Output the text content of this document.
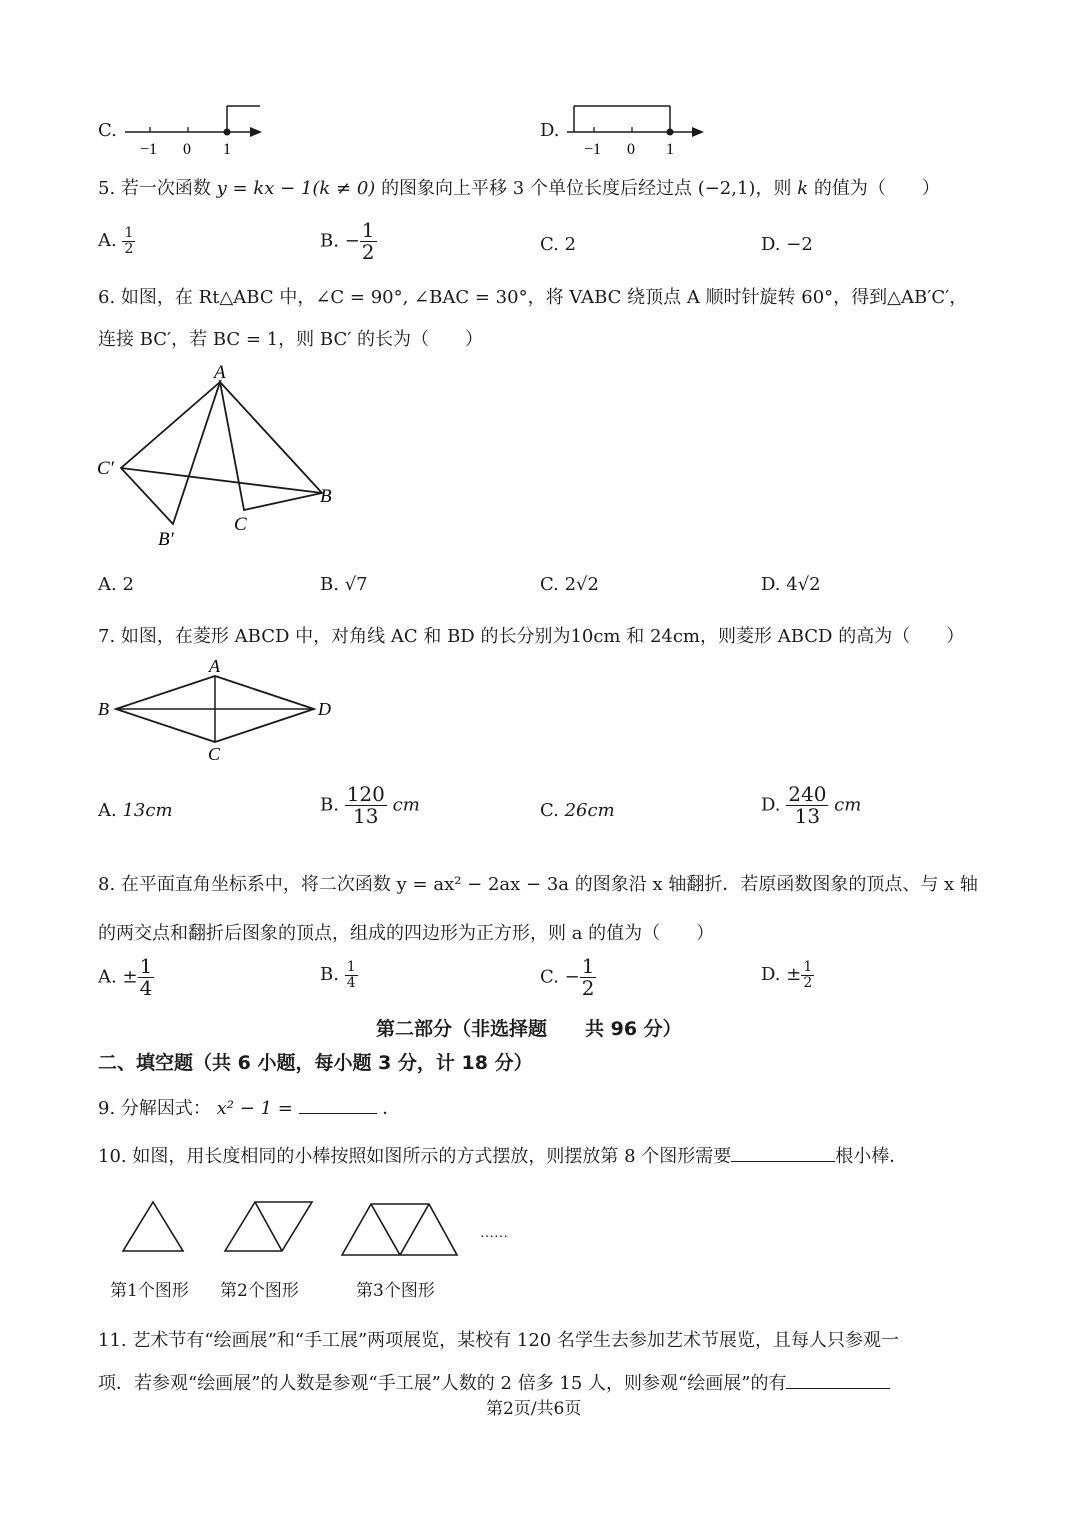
C.
−1 0 1
D.
−1 0 1
5. 若一次函数 y = kx − 1(k ≠ 0) 的图象向上平移 3 个单位长度后经过点 (−2,1)，则 k 的值为（　　）
A. $\frac{1}{2}$	B. − $\frac{1}{2}$	C. 2	D. −2
6. 如图，在 Rt△ABC 中，∠C = 90°, ∠BAC = 30°，将 VABC 绕顶点 A 顺时针旋转 60°，得到△AB′C′，
连接 BC′，若 BC = 1，则 BC′ 的长为（　　）
A
C′
B
C
B′
A. 2	B. √7	C. 2√2	D. 4√2
7. 如图，在菱形 ABCD 中，对角线 AC 和 BD 的长分别为10cm 和 24cm，则菱形 ABCD 的高为（　　）
A
B	D
C
A. 13cm	B. $\frac{120}{13}$ cm	C. 26cm	D. $\frac{240}{13}$ cm
8. 在平面直角坐标系中，将二次函数 y = ax² − 2ax − 3a 的图象沿 x 轴翻折．若原函数图象的顶点、与 x 轴
的两交点和翻折后图象的顶点，组成的四边形为正方形，则 a 的值为（　　）
A. ± $\frac{1}{4}$	B. $\frac{1}{4}$	C. − $\frac{1}{2}$	D. ± $\frac{1}{2}$
第二部分（非选择题　　共 96 分）
二、填空题（共 6 小题，每小题 3 分，计 18 分）
9. 分解因式： x² − 1 =	．
10. 如图，用长度相同的小棒按照如图所示的方式摆放，则摆放第 8 个图形需要	根小棒．
……
第1个图形 第2个图形	第3个图形
11. 艺术节有“绘画展”和“手工展”两项展览，某校有 120 名学生去参加艺术节展览，且每人只参观一
项．若参观“绘画展”的人数是参观“手工展”人数的 2 倍多 15 人，则参观“绘画展”的有
第2页/共6页
